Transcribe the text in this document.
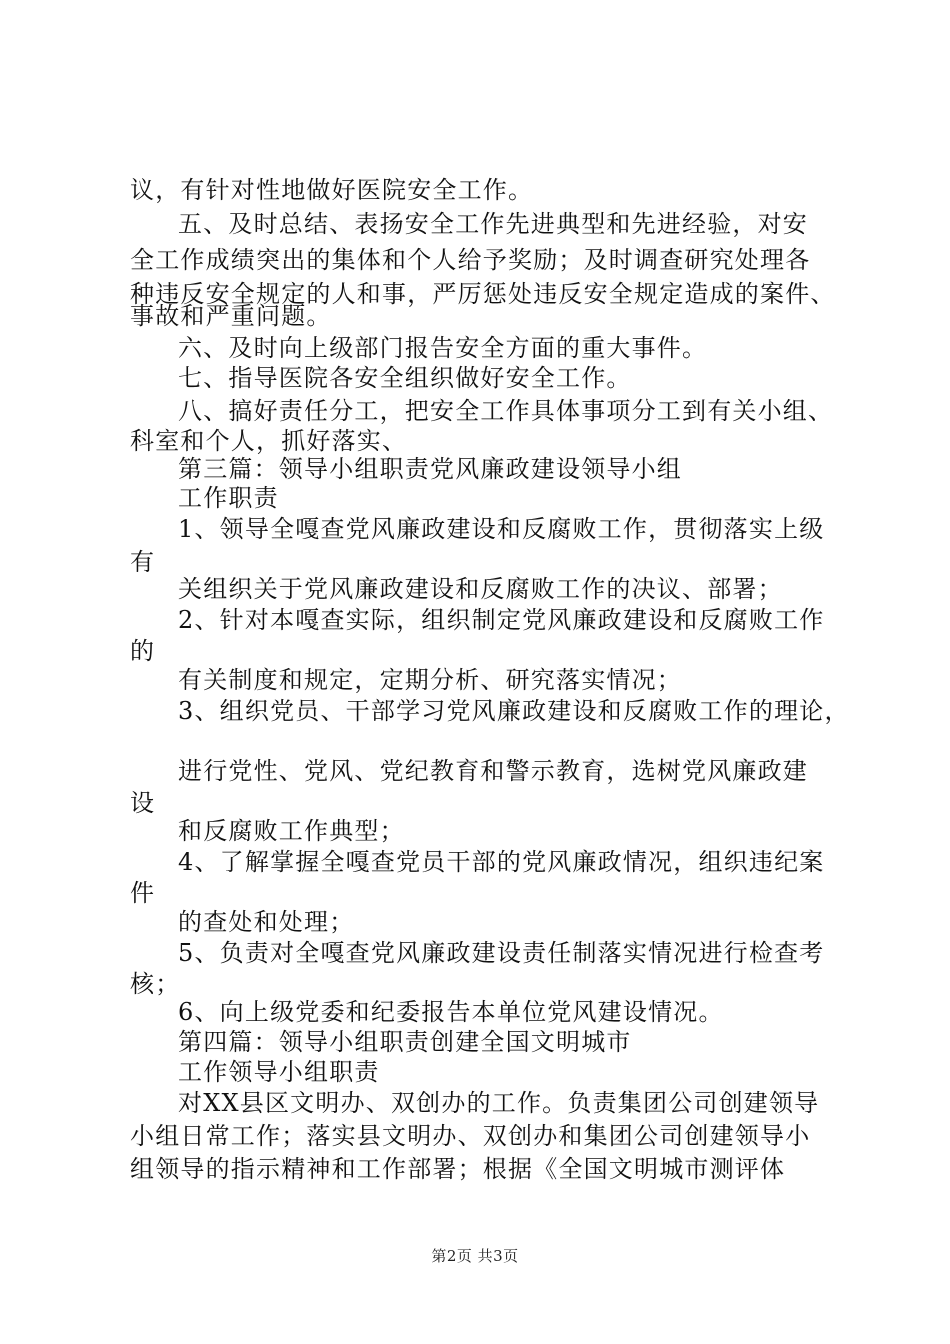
议，有针对性地做好医院安全工作。
五、及时总结、表扬安全工作先进典型和先进经验，对安
全工作成绩突出的集体和个人给予奖励；及时调查研究处理各
种违反安全规定的人和事，严厉惩处违反安全规定造成的案件、
事故和严重问题。
六、及时向上级部门报告安全方面的重大事件。
七、指导医院各安全组织做好安全工作。
八、搞好责任分工，把安全工作具体事项分工到有关小组、
科室和个人，抓好落实、
第三篇：领导小组职责党风廉政建设领导小组
工作职责
1、领导全嘎查党风廉政建设和反腐败工作，贯彻落实上级
有
关组织关于党风廉政建设和反腐败工作的决议、部署；
2、针对本嘎查实际，组织制定党风廉政建设和反腐败工作
的
有关制度和规定，定期分析、研究落实情况；
3、组织党员、干部学习党风廉政建设和反腐败工作的理论，
进行党性、党风、党纪教育和警示教育，选树党风廉政建
设
和反腐败工作典型；
4、了解掌握全嘎查党员干部的党风廉政情况，组织违纪案
件
的查处和处理；
5、负责对全嘎查党风廉政建设责任制落实情况进行检查考
核；
6、向上级党委和纪委报告本单位党风建设情况。
第四篇：领导小组职责创建全国文明城市
工作领导小组职责
对XX县区文明办、双创办的工作。负责集团公司创建领导
小组日常工作；落实县文明办、双创办和集团公司创建领导小
组领导的指示精神和工作部署；根据《全国文明城市测评体
第2页 共3页
